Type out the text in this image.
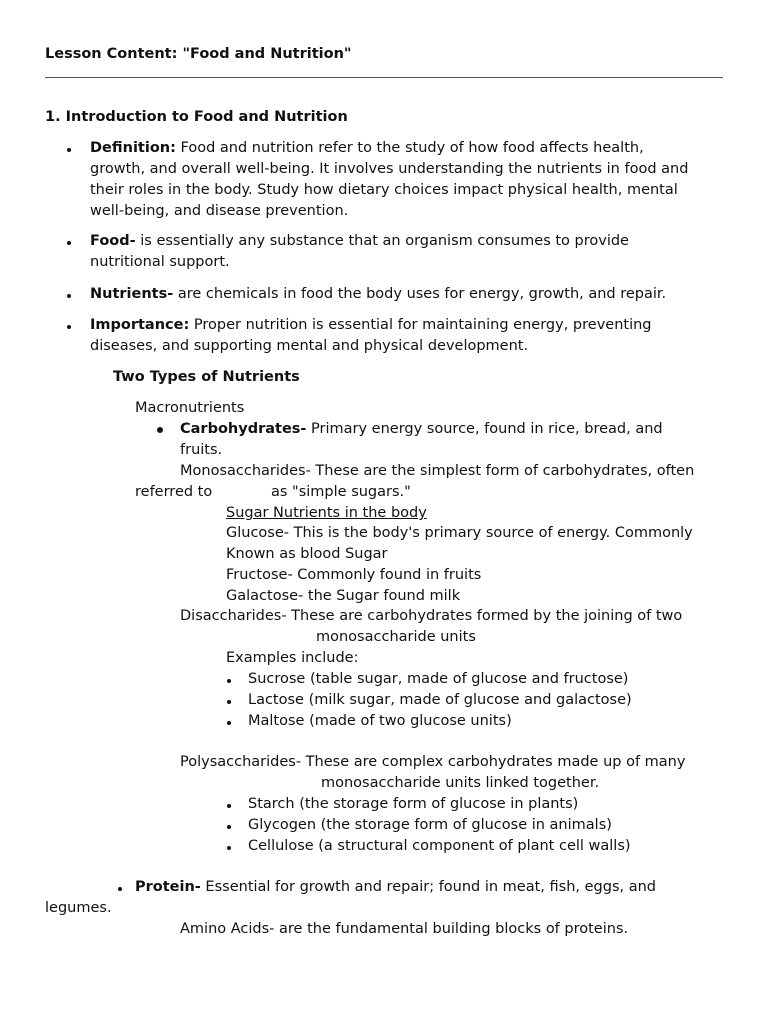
Lesson Content: "Food and Nutrition"
1. Introduction to Food and Nutrition
Definition: Food and nutrition refer to the study of how food affects health,
growth, and overall well-being. It involves understanding the nutrients in food and
their roles in the body. Study how dietary choices impact physical health, mental
well-being, and disease prevention.
Food- is essentially any substance that an organism consumes to provide
nutritional support.
Nutrients- are chemicals in food the body uses for energy, growth, and repair.
Importance: Proper nutrition is essential for maintaining energy, preventing
diseases, and supporting mental and physical development.
Two Types of Nutrients
Macronutrients
Carbohydrates- Primary energy source, found in rice, bread, and
fruits.
Monosaccharides- These are the simplest form of carbohydrates, often
referred to	as "simple sugars."
Sugar Nutrients in the body
Glucose- This is the body's primary source of energy. Commonly
Known as blood Sugar
Fructose- Commonly found in fruits
Galactose- the Sugar found milk
Disaccharides- These are carbohydrates formed by the joining of two
monosaccharide units
Examples include:
Sucrose (table sugar, made of glucose and fructose)
Lactose (milk sugar, made of glucose and galactose)
Maltose (made of two glucose units)
Polysaccharides- These are complex carbohydrates made up of many
monosaccharide units linked together.
Starch (the storage form of glucose in plants)
Glycogen (the storage form of glucose in animals)
Cellulose (a structural component of plant cell walls)
Protein- Essential for growth and repair; found in meat, fish, eggs, and
legumes.
Amino Acids- are the fundamental building blocks of proteins.
